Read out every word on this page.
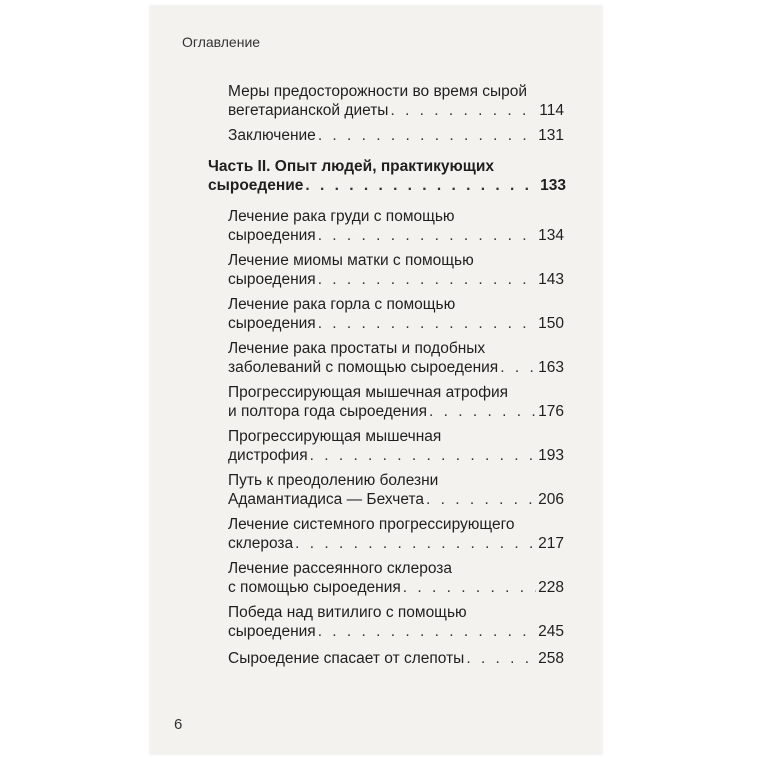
Оглавление
Меры предосторожности во время сырой
вегетарианской диеты . . .	114
Заключение . . .	131
Часть II. Опыт людей, практикующих
сыроедение . . .	133
Лечение рака груди с помощью
сыроедения . . .	134
Лечение миомы матки с помощью
сыроедения . . .	143
Лечение рака горла с помощью
сыроедения . . .	150
Лечение рака простаты и подобных
заболеваний с помощью сыроедения . . .	163
Прогрессирующая мышечная атрофия
и полтора года сыроедения . . .	176
Прогрессирующая мышечная
дистрофия . . .	193
Путь к преодолению болезни
Адамантиадиса — Бехчета . . .	206
Лечение системного прогрессирующего
склероза . . .	217
Лечение рассеянного склероза
с помощью сыроедения . . .	228
Победа над витилиго с помощью
сыроедения . . .	245
Сыроедение спасает от слепоты . . .	258
6
